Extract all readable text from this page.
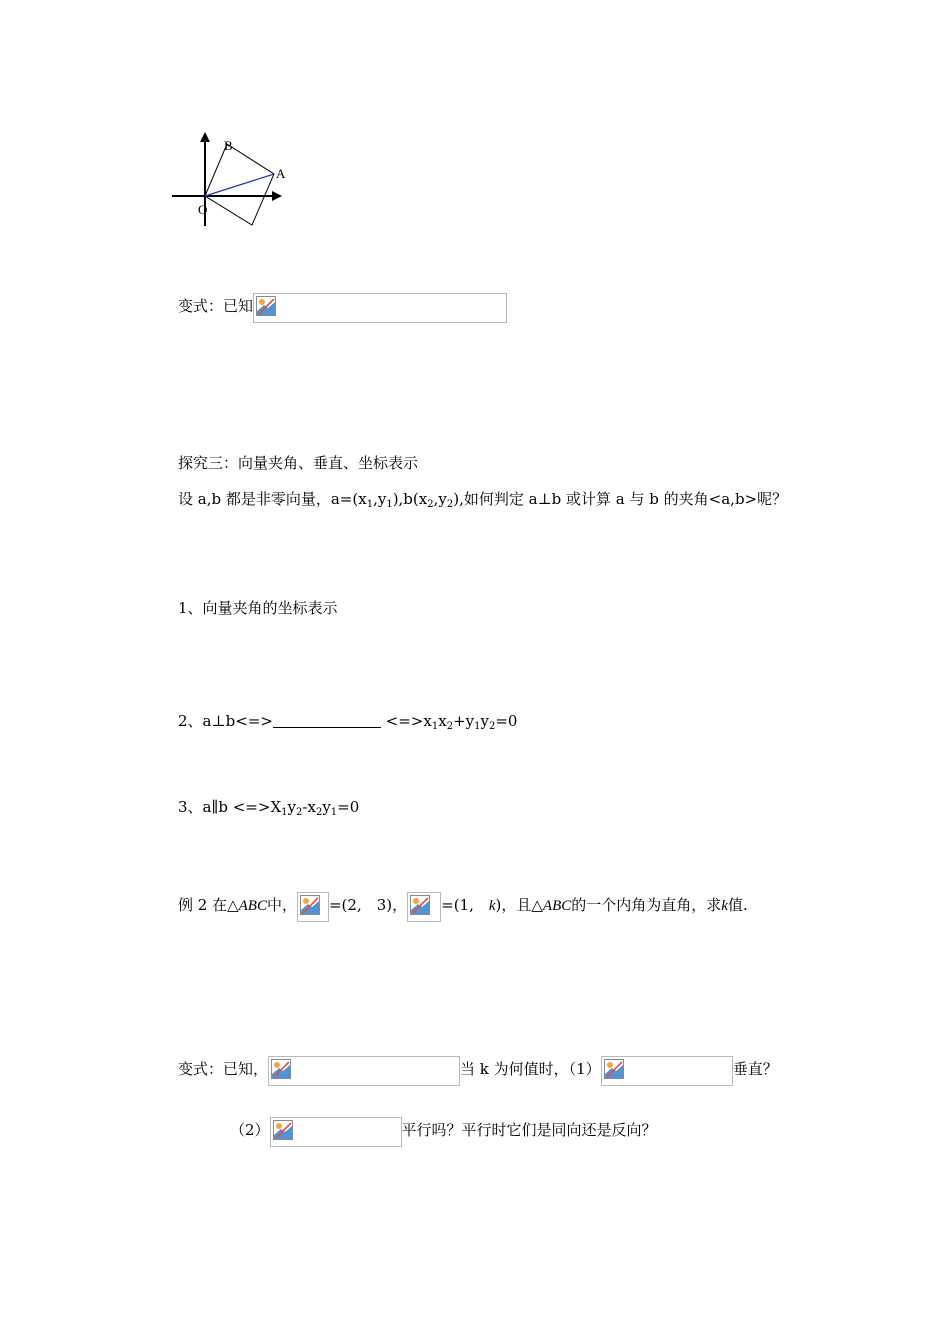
B
A
O
变式：已知
探究三：向量夹角、垂直、坐标表示
设 a,b 都是非零向量，$a=(x_1,y_1),b(x_2,y_2)$,如何判定 a⊥b 或计算 a 与 b 的夹角<a,b>呢？
1、向量夹角的坐标表示
2、a⊥b<=>	$<=>x_1x_2+y_1y_2=0$
3、a∥b $<=>X_1y_2-x_2y_1=0$
例 2 在△ABC中， =(2,　3)， =(1,　k)，且△ABC的一个内角为直角，求k值.
变式：已知，	当 k 为何值时，（1）	垂直？
（2）	平行吗？平行时它们是同向还是反向？
